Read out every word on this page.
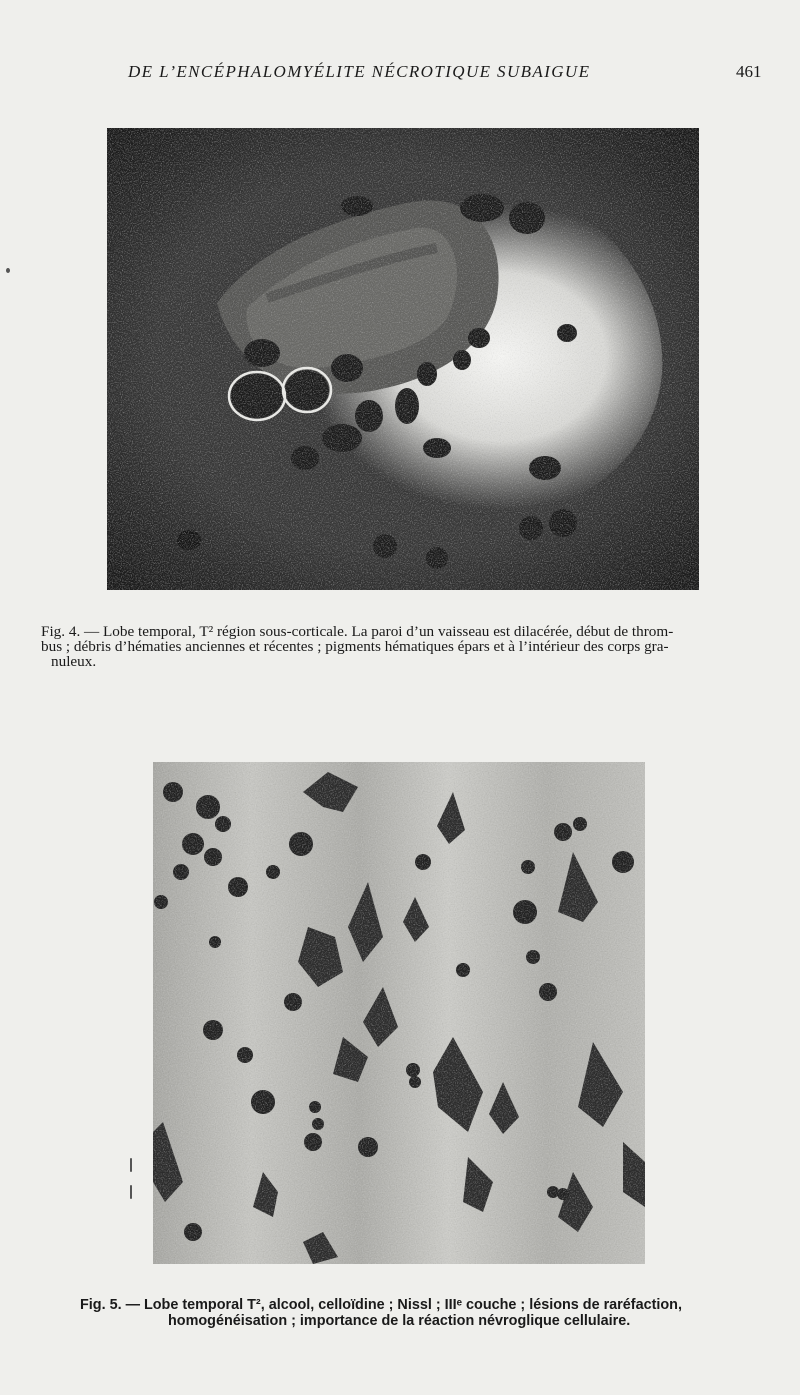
DE L’ENCÉPHALOMYÉLITE NÉCROTIQUE SUBAIGUE	461
Fig. 4. — Lobe temporal, T² région sous-corticale. La paroi d’un vaisseau est dilacérée, début de throm-
bus ; débris d’hématies anciennes et récentes ; pigments hématiques épars et à l’intérieur des corps gra-

nuleux.
Fig. 5. — Lobe temporal T², alcool, celloïdine ; Nissl ; IIIᵉ couche ; lésions de raréfaction,
homogénéisation ; importance de la réaction névroglique cellulaire.
